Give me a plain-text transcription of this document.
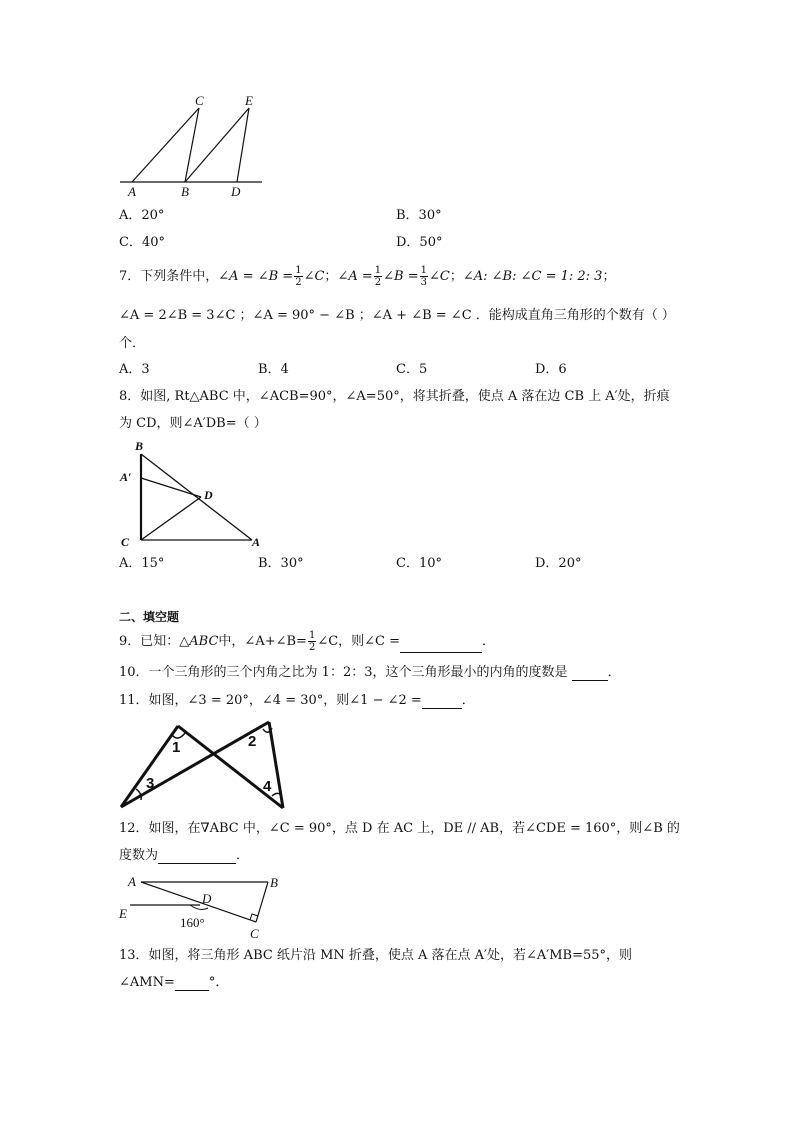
C	E
A	B	D
A．20°	B．30°
C．40°	D．50°
7．下列条件中，∠A = ∠B = $\frac{1}{2}$ ∠C；∠A = $\frac{1}{2}$ ∠B = $\frac{1}{3}$ ∠C；∠A: ∠B: ∠C = 1: 2: 3；
∠A = 2∠B = 3∠C ；∠A = 90° − ∠B ；∠A + ∠B = ∠C ．能构成直角三角形的个数有（ ）
个．
A．3	B．4	C．5	D．6
8．如图, Rt△ABC 中，∠ACB=90°，∠A=50°，将其折叠，使点 A 落在边 CB 上 A′处，折痕
为 CD，则∠A′DB=（ ）
B
A′
D
C	A
A．15°	B．30°	C．10°	D．20°
二、填空题
9．已知：△ABC中，∠A+∠B= $\frac{1}{2}$ ∠C，则∠C =	．
10．一个三角形的三个内角之比为 1：2：3，这个三角形最小的内角的度数是	．
11．如图，∠3 = 20°，∠4 = 30°，则∠1 − ∠2 =	．
1	2
3	4
12．如图，在∇ABC 中，∠C = 90°，点 D 在 AC 上，DE // AB，若∠CDE = 160°，则∠B 的
度数为	．
A	B
D
E
C
160°
13．如图，将三角形 ABC 纸片沿 MN 折叠，使点 A 落在点 A′处，若∠A′MB=55°，则
∠AMN=	°．
